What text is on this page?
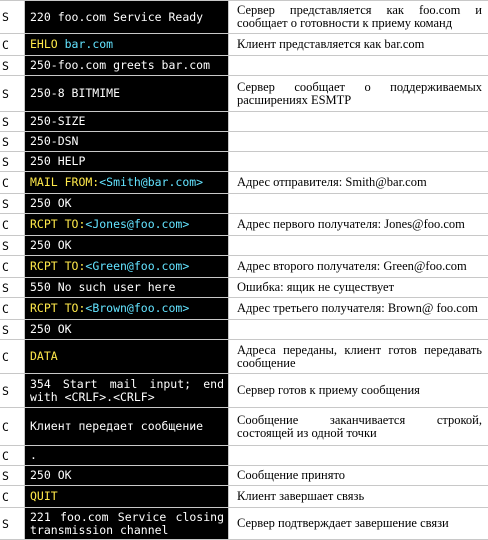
S	220 foo.com Service Ready	Сервер представляется как foo.com и сообщает о готовности к приему команд
C	EHLO bar.com	Клиент представляется как bar.com
S	250-foo.com greets bar.com
S	250-8 BITMIME	Сервер сообщает о поддерживаемых расширениях ESMTP
S	250-SIZE
S	250-DSN
S	250 HELP
C	MAIL FROM:<Smith@bar.com>	Адрес отправителя: Smith@bar.com
S	250 OK
C	RCPT TO:<Jones@foo.com>	Адрес первого получателя: Jones@foo.com
S	250 OK
C	RCPT TO:<Green@foo.com>	Адрес второго получателя: Green@foo.com
S	550 No such user here	Ошибка: ящик не существует
C	RCPT TO:<Brown@foo.com>	Адрес третьего получателя: Brown@ foo.com
S	250 OK
C	DATA	Адреса переданы, клиент готов передавать сообщение
S	354 Start mail input; end with <CRLF>.<CRLF>	Сервер готов к приему сообщения
C	Клиент передает сообщение	Сообщение заканчивается строкой, состоящей из одной точки
C	.
S	250 OK	Сообщение принято
C	QUIT	Клиент завершает связь
S	221 foo.com Service closing transmission channel	Сервер подтверждает завершение связи
